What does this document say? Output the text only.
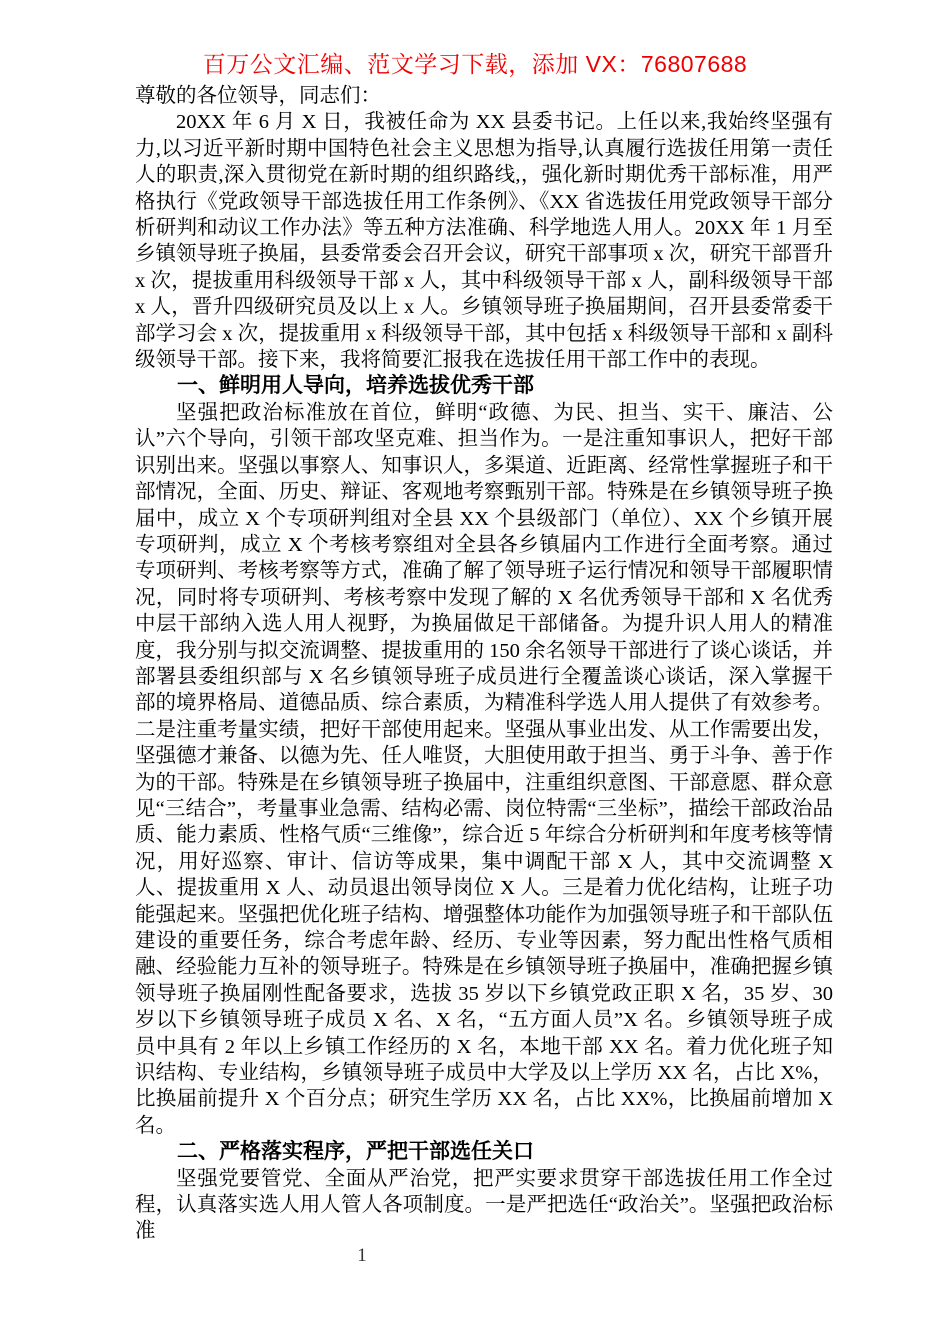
百万公文汇编、范文学习下载，添加 VX：76807688

尊敬的各位领导，同志们：

20XX 年 6 月 X 日，我被任命为 XX 县委书记。上任以来,我始终坚强有力,以习近平新时期中国特色社会主义思想为指导,认真履行选拔任用第一责任人的职责,深入贯彻党在新时期的组织路线,，强化新时期优秀干部标准，用严格执行《党政领导干部选拔任用工作条例》、《XX 省选拔任用党政领导干部分析研判和动议工作办法》等五种方法准确、科学地选人用人。20XX 年 1 月至乡镇领导班子换届，县委常委会召开会议，研究干部事项 x 次，研究干部晋升 x 次，提拔重用科级领导干部 x 人，其中科级领导干部 x 人，副科级领导干部 x 人，晋升四级研究员及以上 x 人。乡镇领导班子换届期间，召开县委常委干部学习会 x 次，提拔重用 x 科级领导干部，其中包括 x 科级领导干部和 x 副科级领导干部。接下来，我将简要汇报我在选拔任用干部工作中的表现。

一、鲜明用人导向，培养选拔优秀干部

坚强把政治标准放在首位，鲜明“政德、为民、担当、实干、廉洁、公认”六个导向，引领干部攻坚克难、担当作为。一是注重知事识人，把好干部识别出来。坚强以事察人、知事识人，多渠道、近距离、经常性掌握班子和干部情况，全面、历史、辩证、客观地考察甄别干部。特殊是在乡镇领导班子换届中，成立 X 个专项研判组对全县 XX 个县级部门（单位）、XX 个乡镇开展专项研判，成立 X 个考核考察组对全县各乡镇届内工作进行全面考察。通过专项研判、考核考察等方式，准确了解了领导班子运行情况和领导干部履职情况，同时将专项研判、考核考察中发现了解的 X 名优秀领导干部和 X 名优秀中层干部纳入选人用人视野，为换届做足干部储备。为提升识人用人的精准度，我分别与拟交流调整、提拔重用的 150 余名领导干部进行了谈心谈话，并部署县委组织部与 X 名乡镇领导班子成员进行全覆盖谈心谈话，深入掌握干部的境界格局、道德品质、综合素质，为精准科学选人用人提供了有效参考。二是注重考量实绩，把好干部使用起来。坚强从事业出发、从工作需要出发，坚强德才兼备、以德为先、任人唯贤，大胆使用敢于担当、勇于斗争、善于作为的干部。特殊是在乡镇领导班子换届中，注重组织意图、干部意愿、群众意见“三结合”，考量事业急需、结构必需、岗位特需“三坐标”，描绘干部政治品质、能力素质、性格气质“三维像”，综合近 5 年综合分析研判和年度考核等情况，用好巡察、审计、信访等成果，集中调配干部 X 人，其中交流调整 X 人、提拔重用 X 人、动员退出领导岗位 X 人。三是着力优化结构，让班子功能强起来。坚强把优化班子结构、增强整体功能作为加强领导班子和干部队伍建设的重要任务，综合考虑年龄、经历、专业等因素，努力配出性格气质相融、经验能力互补的领导班子。特殊是在乡镇领导班子换届中，准确把握乡镇领导班子换届刚性配备要求，选拔 35 岁以下乡镇党政正职 X 名，35 岁、30 岁以下乡镇领导班子成员 X 名、X 名，“五方面人员”X 名。乡镇领导班子成员中具有 2 年以上乡镇工作经历的 X 名，本地干部 XX 名。着力优化班子知识结构、专业结构，乡镇领导班子成员中大学及以上学历 XX 名，占比 X%，比换届前提升 X 个百分点；研究生学历 XX 名，占比 XX%，比换届前增加 X 名。

二、严格落实程序，严把干部选任关口

坚强党要管党、全面从严治党，把严实要求贯穿干部选拔任用工作全过程，认真落实选人用人管人各项制度。一是严把选任“政治关”。坚强把政治标准

1
